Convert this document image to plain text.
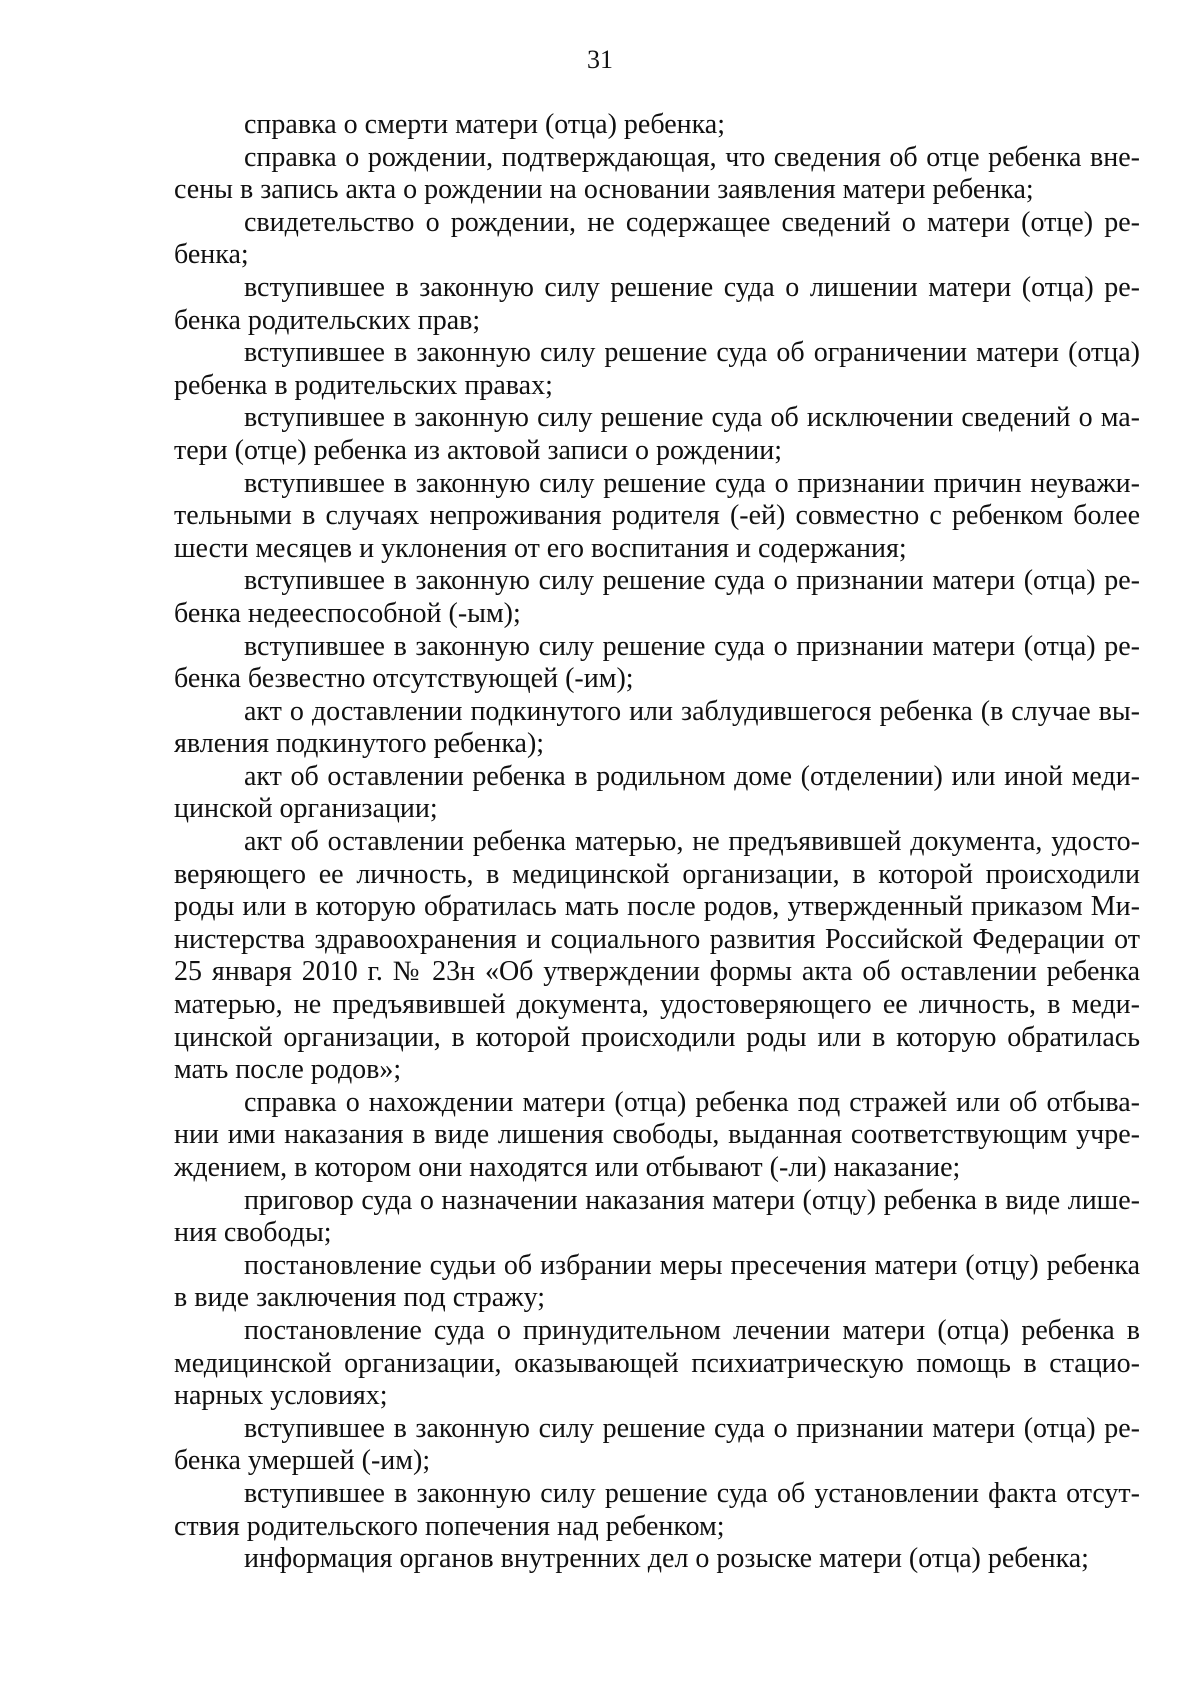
31

справка о смерти матери (отца) ребенка;

справка о рождении, подтверждающая, что сведения об отце ребенка внесены в запись акта о рождении на основании заявления матери ребенка;

свидетельство о рождении, не содержащее сведений о матери (отце) ребенка;

вступившее в законную силу решение суда о лишении матери (отца) ребенка родительских прав;

вступившее в законную силу решение суда об ограничении матери (отца) ребенка в родительских правах;

вступившее в законную силу решение суда об исключении сведений о матери (отце) ребенка из актовой записи о рождении;

вступившее в законную силу решение суда о признании причин неуважительными в случаях непроживания родителя (-ей) совместно с ребенком более шести месяцев и уклонения от его воспитания и содержания;

вступившее в законную силу решение суда о признании матери (отца) ребенка недееспособной (-ым);

вступившее в законную силу решение суда о признании матери (отца) ребенка безвестно отсутствующей (-им);

акт о доставлении подкинутого или заблудившегося ребенка (в случае выявления подкинутого ребенка);

акт об оставлении ребенка в родильном доме (отделении) или иной медицинской организации;

акт об оставлении ребенка матерью, не предъявившей документа, удостоверяющего ее личность, в медицинской организации, в которой происходили роды или в которую обратилась мать после родов, утвержденный приказом Министерства здравоохранения и социального развития Российской Федерации от 25 января 2010 г. № 23н «Об утверждении формы акта об оставлении ребенка матерью, не предъявившей документа, удостоверяющего ее личность, в медицинской организации, в которой происходили роды или в которую обратилась мать после родов»;

справка о нахождении матери (отца) ребенка под стражей или об отбывании ими наказания в виде лишения свободы, выданная соответствующим учреждением, в котором они находятся или отбывают (-ли) наказание;

приговор суда о назначении наказания матери (отцу) ребенка в виде лишения свободы;

постановление судьи об избрании меры пресечения матери (отцу) ребенка в виде заключения под стражу;

постановление суда о принудительном лечении матери (отца) ребенка в медицинской организации, оказывающей психиатрическую помощь в стационарных условиях;

вступившее в законную силу решение суда о признании матери (отца) ребенка умершей (-им);

вступившее в законную силу решение суда об установлении факта отсутствия родительского попечения над ребенком;

информация органов внутренних дел о розыске матери (отца) ребенка;
